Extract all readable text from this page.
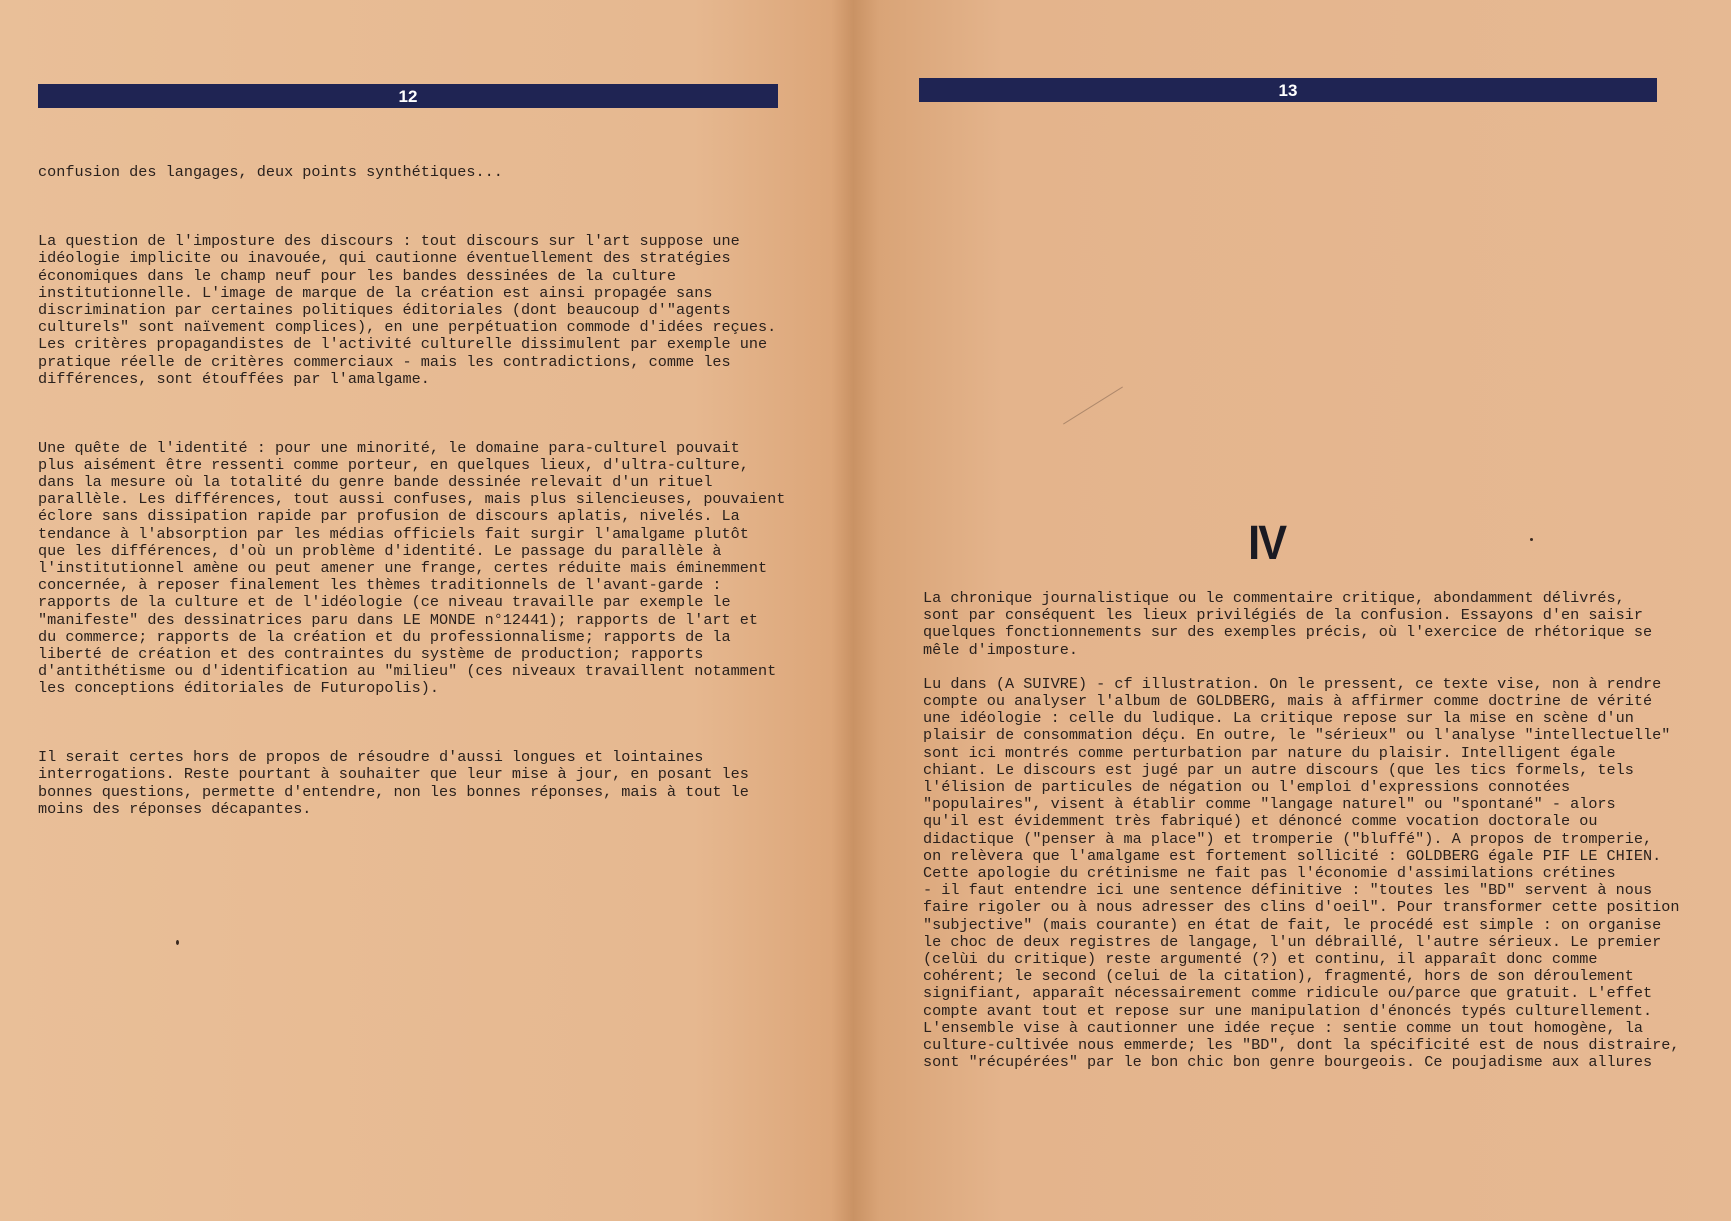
12

confusion des langages, deux points synthétiques...

La question de l'imposture des discours : tout discours sur l'art suppose une
idéologie implicite ou inavouée, qui cautionne éventuellement des stratégies
économiques dans le champ neuf pour les bandes dessinées de la culture
institutionnelle. L'image de marque de la création est ainsi propagée sans
discrimination par certaines politiques éditoriales (dont beaucoup d'"agents
culturels" sont naïvement complices), en une perpétuation commode d'idées reçues.
Les critères propagandistes de l'activité culturelle dissimulent par exemple une
pratique réelle de critères commerciaux - mais les contradictions, comme les
différences, sont étouffées par l'amalgame.

Une quête de l'identité : pour une minorité, le domaine para-culturel pouvait
plus aisément être ressenti comme porteur, en quelques lieux, d'ultra-culture,
dans la mesure où la totalité du genre bande dessinée relevait d'un rituel
parallèle. Les différences, tout aussi confuses, mais plus silencieuses, pouvaient
éclore sans dissipation rapide par profusion de discours aplatis, nivelés. La
tendance à l'absorption par les médias officiels fait surgir l'amalgame plutôt
que les différences, d'où un problème d'identité. Le passage du parallèle à
l'institutionnel amène ou peut amener une frange, certes réduite mais éminemment
concernée, à reposer finalement les thèmes traditionnels de l'avant-garde :
rapports de la culture et de l'idéologie (ce niveau travaille par exemple le
"manifeste" des dessinatrices paru dans LE MONDE n°12441); rapports de l'art et
du commerce; rapports de la création et du professionnalisme; rapports de la
liberté de création et des contraintes du système de production; rapports
d'antithétisme ou d'identification au "milieu" (ces niveaux travaillent notamment
les conceptions éditoriales de Futuropolis).

Il serait certes hors de propos de résoudre d'aussi longues et lointaines
interrogations. Reste pourtant à souhaiter que leur mise à jour, en posant les
bonnes questions, permette d'entendre, non les bonnes réponses, mais à tout le
moins des réponses décapantes.

13
IV
La chronique journalistique ou le commentaire critique, abondamment délivrés,
sont par conséquent les lieux privilégiés de la confusion. Essayons d'en saisir
quelques fonctionnements sur des exemples précis, où l'exercice de rhétorique se
mêle d'imposture.
Lu dans (A SUIVRE) - cf illustration. On le pressent, ce texte vise, non à rendre
compte ou analyser l'album de GOLDBERG, mais à affirmer comme doctrine de vérité
une idéologie : celle du ludique. La critique repose sur la mise en scène d'un
plaisir de consommation déçu. En outre, le "sérieux" ou l'analyse "intellectuelle"
sont ici montrés comme perturbation par nature du plaisir. Intelligent égale
chiant. Le discours est jugé par un autre discours (que les tics formels, tels
l'élision de particules de négation ou l'emploi d'expressions connotées
"populaires", visent à établir comme "langage naturel" ou "spontané" - alors
qu'il est évidemment très fabriqué) et dénoncé comme vocation doctorale ou
didactique ("penser à ma place") et tromperie ("bluffé"). A propos de tromperie,
on relèvera que l'amalgame est fortement sollicité : GOLDBERG égale PIF LE CHIEN.
Cette apologie du crétinisme ne fait pas l'économie d'assimilations crétines
- il faut entendre ici une sentence définitive : "toutes les "BD" servent à nous
faire rigoler ou à nous adresser des clins d'oeil". Pour transformer cette position
"subjective" (mais courante) en état de fait, le procédé est simple : on organise
le choc de deux registres de langage, l'un débraillé, l'autre sérieux. Le premier
(celùi du critique) reste argumenté (?) et continu, il apparaît donc comme
cohérent; le second (celui de la citation), fragmenté, hors de son déroulement
signifiant, apparaît nécessairement comme ridicule ou/parce que gratuit. L'effet
compte avant tout et repose sur une manipulation d'énoncés typés culturellement.
L'ensemble vise à cautionner une idée reçue : sentie comme un tout homogène, la
culture-cultivée nous emmerde; les "BD", dont la spécificité est de nous distraire,
sont "récupérées" par le bon chic bon genre bourgeois. Ce poujadisme aux allures
